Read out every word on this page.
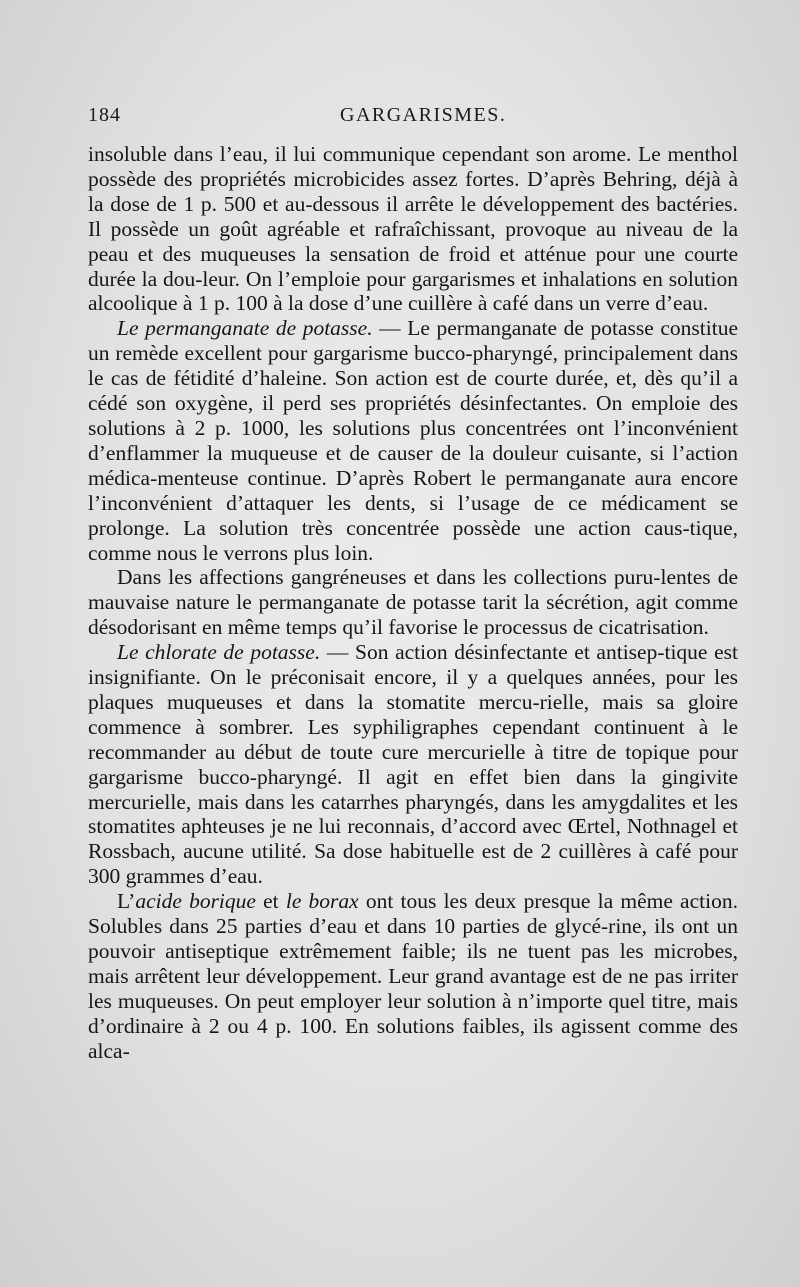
184	GARGARISMES.

insoluble dans l’eau, il lui communique cependant son arome. Le menthol possède des propriétés microbicides assez fortes. D’après Behring, déjà à la dose de 1 p. 500 et au-dessous il arrête le développement des bactéries. Il possède un goût agréable et rafraîchissant, provoque au niveau de la peau et des muqueuses la sensation de froid et atténue pour une courte durée la dou-leur. On l’emploie pour gargarismes et inhalations en solution alcoolique à 1 p. 100 à la dose d’une cuillère à café dans un verre d’eau.

Le permanganate de potasse. — Le permanganate de potasse constitue un remède excellent pour gargarisme bucco-pharyngé, principalement dans le cas de fétidité d’haleine. Son action est de courte durée, et, dès qu’il a cédé son oxygène, il perd ses propriétés désinfectantes. On emploie des solutions à 2 p. 1000, les solutions plus concentrées ont l’inconvénient d’enflammer la muqueuse et de causer de la douleur cuisante, si l’action médica-menteuse continue. D’après Robert le permanganate aura encore l’inconvénient d’attaquer les dents, si l’usage de ce médicament se prolonge. La solution très concentrée possède une action caus-tique, comme nous le verrons plus loin.

Dans les affections gangréneuses et dans les collections puru-lentes de mauvaise nature le permanganate de potasse tarit la sécrétion, agit comme désodorisant en même temps qu’il favorise le processus de cicatrisation.

Le chlorate de potasse. — Son action désinfectante et antisep-tique est insignifiante. On le préconisait encore, il y a quelques années, pour les plaques muqueuses et dans la stomatite mercu-rielle, mais sa gloire commence à sombrer. Les syphiligraphes cependant continuent à le recommander au début de toute cure mercurielle à titre de topique pour gargarisme bucco-pharyngé. Il agit en effet bien dans la gingivite mercurielle, mais dans les catarrhes pharyngés, dans les amygdalites et les stomatites aphteuses je ne lui reconnais, d’accord avec Œrtel, Nothnagel et Rossbach, aucune utilité. Sa dose habituelle est de 2 cuillères à café pour 300 grammes d’eau.

L’acide borique et le borax ont tous les deux presque la même action. Solubles dans 25 parties d’eau et dans 10 parties de glycé-rine, ils ont un pouvoir antiseptique extrêmement faible; ils ne tuent pas les microbes, mais arrêtent leur développement. Leur grand avantage est de ne pas irriter les muqueuses. On peut employer leur solution à n’importe quel titre, mais d’ordinaire à 2 ou 4 p. 100. En solutions faibles, ils agissent comme des alca-
